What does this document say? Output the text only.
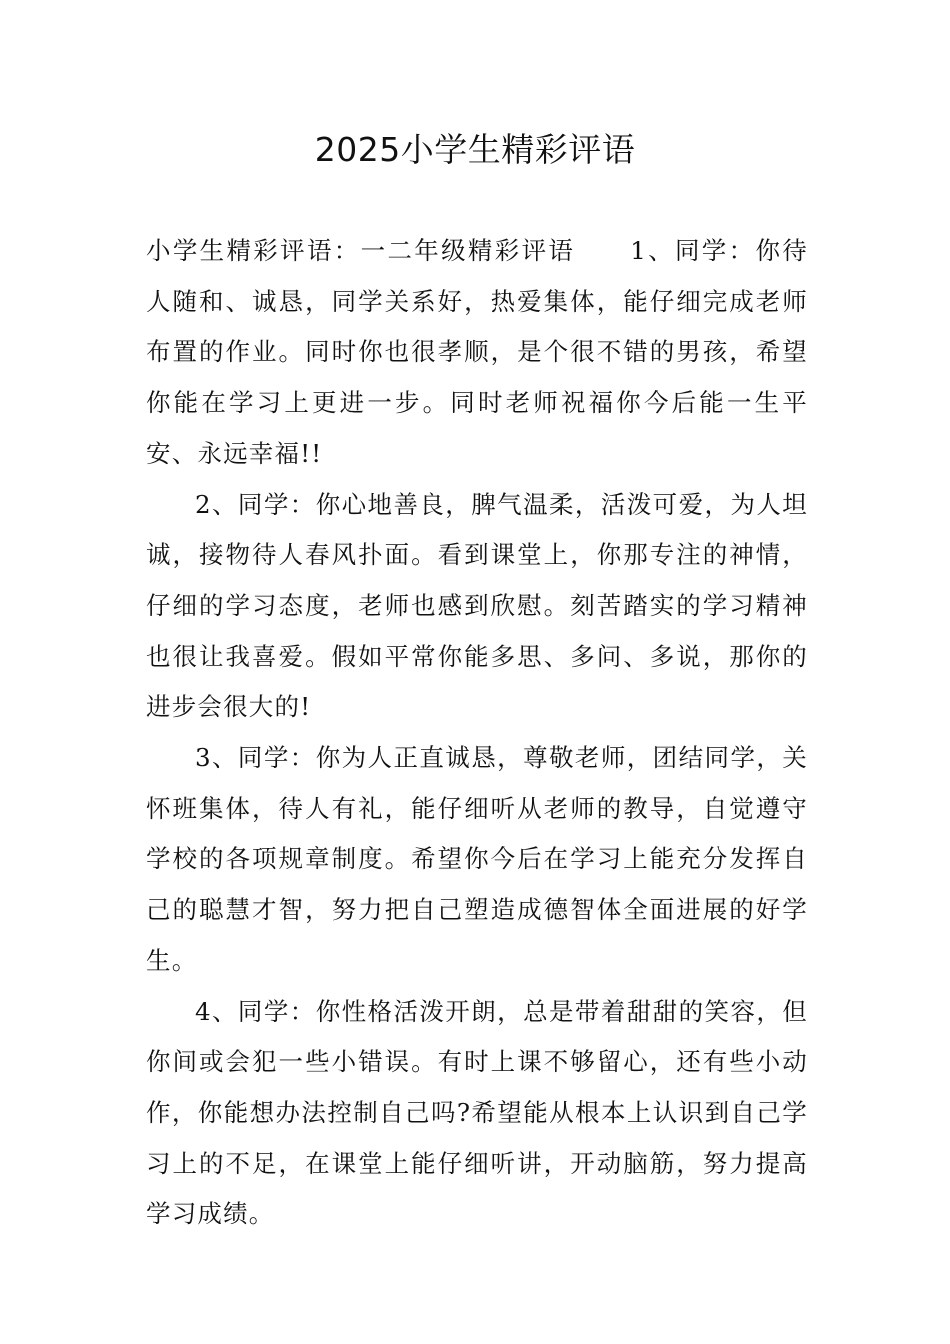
2025小学生精彩评语

小学生精彩评语：一二年级精彩评语 1、同学：你待人随和、诚恳，同学关系好，热爱集体，能仔细完成老师布置的作业。同时你也很孝顺，是个很不错的男孩，希望你能在学习上更进一步。同时老师祝福你今后能一生平安、永远幸福!!

2、同学：你心地善良，脾气温柔，活泼可爱，为人坦诚，接物待人春风扑面。看到课堂上，你那专注的神情，仔细的学习态度，老师也感到欣慰。刻苦踏实的学习精神也很让我喜爱。假如平常你能多思、多问、多说，那你的进步会很大的!

3、同学：你为人正直诚恳，尊敬老师，团结同学，关怀班集体，待人有礼，能仔细听从老师的教导，自觉遵守学校的各项规章制度。希望你今后在学习上能充分发挥自己的聪慧才智，努力把自己塑造成德智体全面进展的好学生。

4、同学：你性格活泼开朗，总是带着甜甜的笑容，但你间或会犯一些小错误。有时上课不够留心，还有些小动作，你能想办法控制自己吗?希望能从根本上认识到自己学习上的不足，在课堂上能仔细听讲，开动脑筋，努力提高学习成绩。
